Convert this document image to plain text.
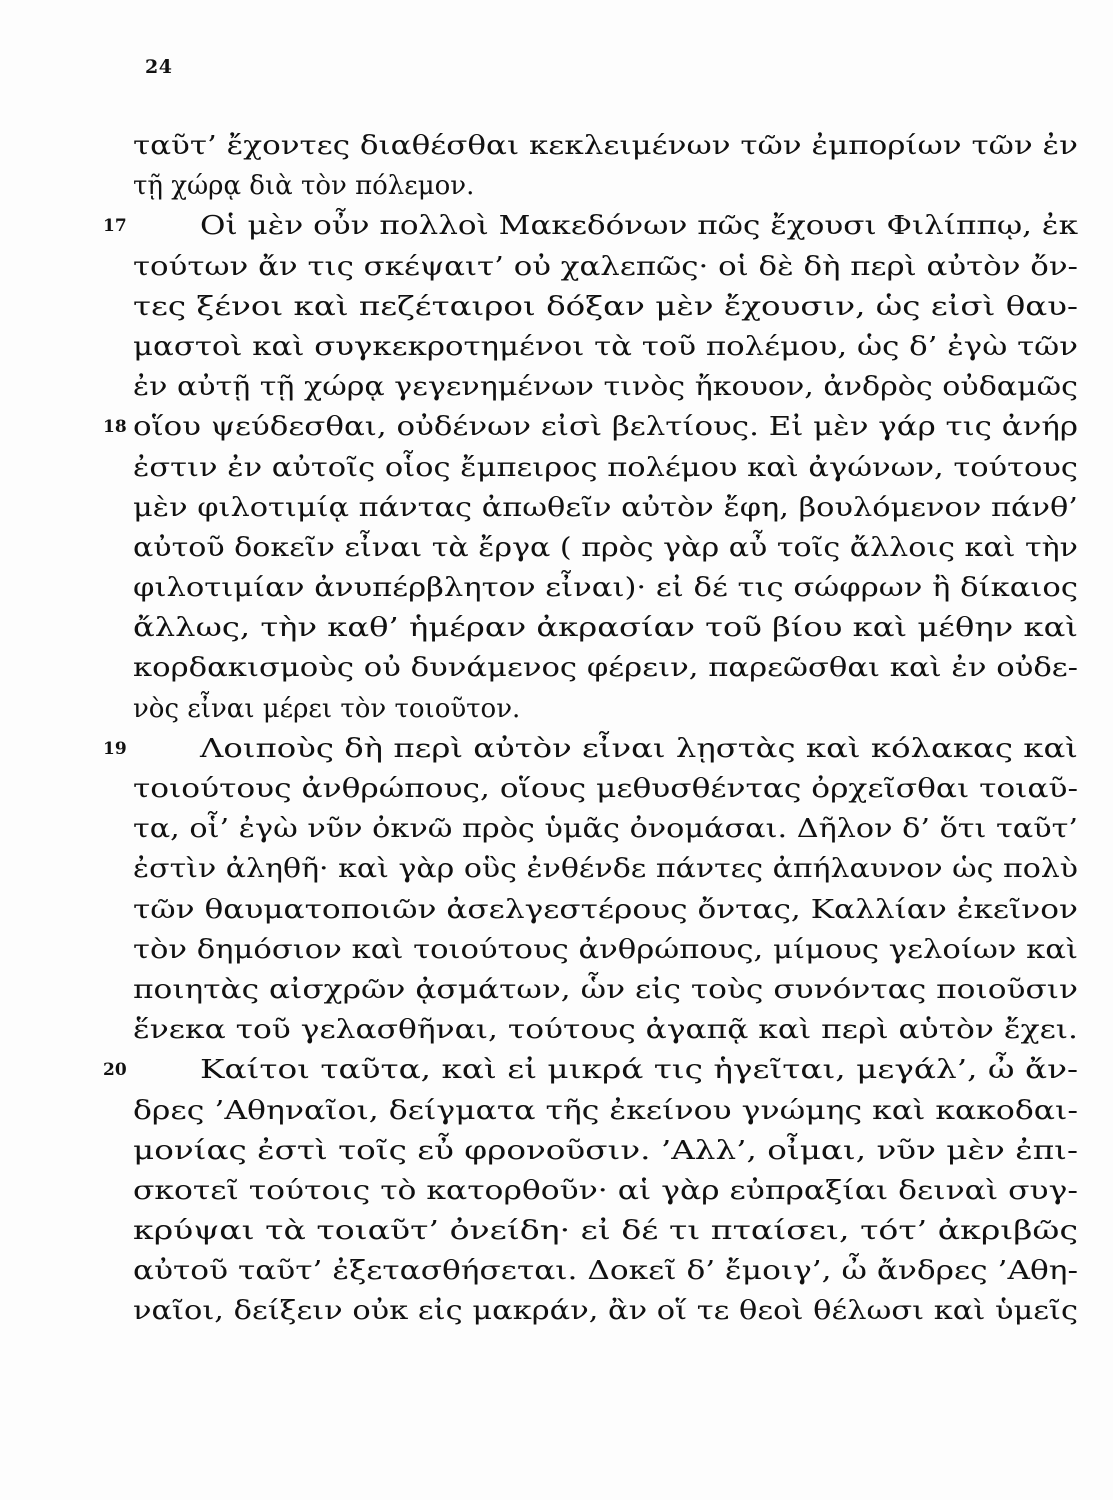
24
ταῦτ’ ἔχοντες διαθέσθαι κεκλειμένων τῶν ἐμπορίων τῶν ἐν
τῇ χώρᾳ διὰ τὸν πόλεμον.
17	Οἱ μὲν οὖν πολλοὶ Μακεδόνων πῶς ἔχουσι Φιλίππῳ, ἐκ
τούτων ἄν τις σκέψαιτ’ οὐ χαλεπῶς· οἱ δὲ δὴ περὶ αὐτὸν ὄν-
τες ξένοι καὶ πεζέταιροι δόξαν μὲν ἔχουσιν, ὡς εἰσὶ θαυ-
μαστοὶ καὶ συγκεκροτημένοι τὰ τοῦ πολέμου, ὡς δ’ ἐγὼ τῶν
ἐν αὐτῇ τῇ χώρᾳ γεγενημένων τινὸς ἤκουον, ἀνδρὸς οὐδαμῶς
18 οἵου ψεύδεσθαι, οὐδένων εἰσὶ βελτίους. Εἰ μὲν γάρ τις ἀνήρ
ἐστιν ἐν αὐτοῖς οἷος ἔμπειρος πολέμου καὶ ἀγώνων, τούτους
μὲν φιλοτιμίᾳ πάντας ἀπωθεῖν αὐτὸν ἔφη, βουλόμενον πάνθ’
αὐτοῦ δοκεῖν εἶναι τὰ ἔργα ( πρὸς γὰρ αὖ τοῖς ἄλλοις καὶ τὴν
φιλοτιμίαν ἀνυπέρβλητον εἶναι)· εἰ δέ τις σώφρων ἢ δίκαιος
ἄλλως, τὴν καθ’ ἡμέραν ἀκρασίαν τοῦ βίου καὶ μέθην καὶ
κορδακισμοὺς οὐ δυνάμενος φέρειν, παρεῶσθαι καὶ ἐν οὐδε-
νὸς εἶναι μέρει τὸν τοιοῦτον.
19	Λοιποὺς δὴ περὶ αὐτὸν εἶναι λῃστὰς καὶ κόλακας καὶ
τοιούτους ἀνθρώπους, οἵους μεθυσθέντας ὀρχεῖσθαι τοιαῦ-
τα, οἷ’ ἐγὼ νῦν ὀκνῶ πρὸς ὑμᾶς ὀνομάσαι. Δῆλον δ’ ὅτι ταῦτ’
ἐστὶν ἀληθῆ· καὶ γὰρ οὓς ἐνθένδε πάντες ἀπήλαυνον ὡς πολὺ
τῶν θαυματοποιῶν ἀσελγεστέρους ὄντας, Καλλίαν ἐκεῖνον
τὸν δημόσιον καὶ τοιούτους ἀνθρώπους, μίμους γελοίων καὶ
ποιητὰς αἰσχρῶν ᾀσμάτων, ὧν εἰς τοὺς συνόντας ποιοῦσιν
ἕνεκα τοῦ γελασθῆναι, τούτους ἀγαπᾷ καὶ περὶ αὑτὸν ἔχει.
20	Καίτοι ταῦτα, καὶ εἰ μικρά τις ἡγεῖται, μεγάλ’, ὦ ἄν-
δρες ’Αθηναῖοι, δείγματα τῆς ἐκείνου γνώμης καὶ κακοδαι-
μονίας ἐστὶ τοῖς εὖ φρονοῦσιν. ’Αλλ’, οἶμαι, νῦν μὲν ἐπι-
σκοτεῖ τούτοις τὸ κατορθοῦν· αἱ γὰρ εὐπραξίαι δειναὶ συγ-
κρύψαι τὰ τοιαῦτ’ ὀνείδη· εἰ δέ τι πταίσει, τότ’ ἀκριβῶς
αὐτοῦ ταῦτ’ ἐξετασθήσεται. Δοκεῖ δ’ ἔμοιγ’, ὦ ἄνδρες ’Αθη-
ναῖοι, δείξειν οὐκ εἰς μακράν, ἂν οἵ τε θεοὶ θέλωσι καὶ ὑμεῖς
